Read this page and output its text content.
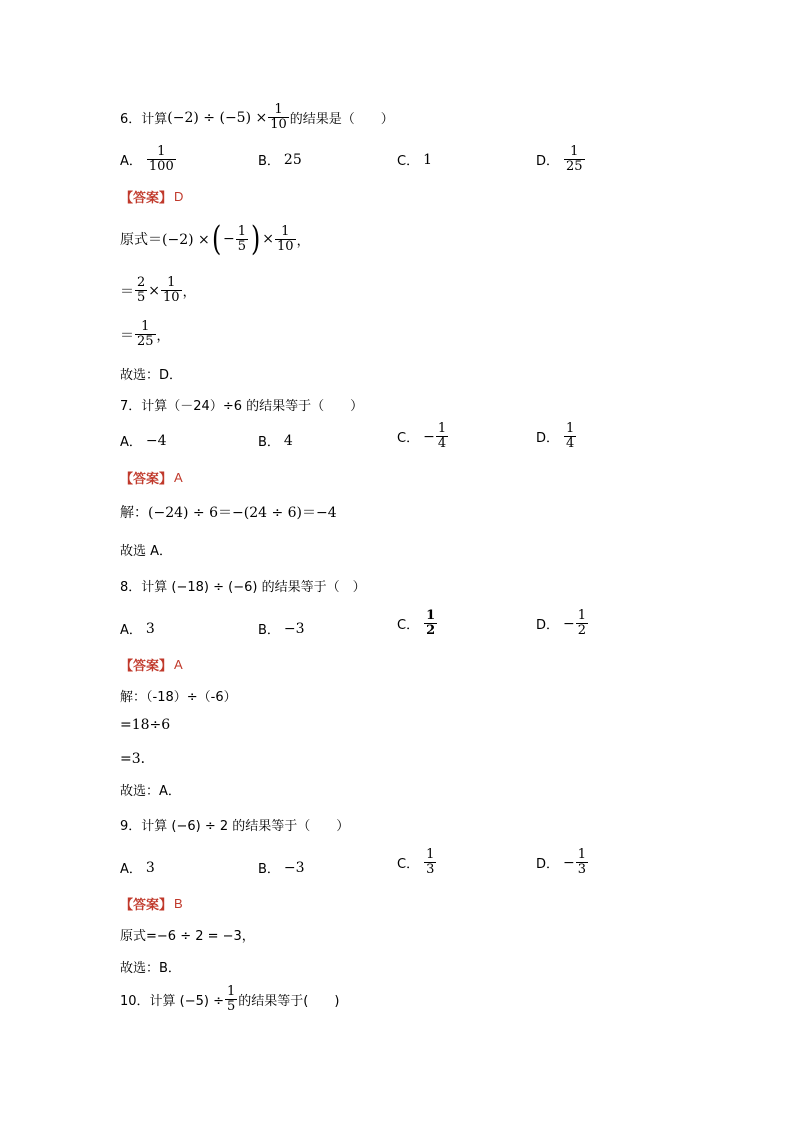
6． 计算 $(-2) \div (-5) \times \frac{1}{10}$ 的结果是（　　）
A． $\frac{1}{100}$	B． 25	C． 1	D． $\frac{1}{25}$
【答案】 D
原式＝(−2) × ( − $\frac{1}{5}$ ) × $\frac{1}{10}$ ，
＝ $\frac{2}{5} \times \frac{1}{10}$ ，
＝ $\frac{1}{25}$ ，
故选：D．
7．计算（－24）÷6 的结果等于（　　）
A． −4	B． 4	C． − $\frac{1}{4}$	D． $\frac{1}{4}$
【答案】 A
解：(−24) ÷ 6＝−(24 ÷ 6)＝−4
故选 A．
8．计算 (−18) ÷ (−6) 的结果等于（　）
A． 3	B． −3	C． $\frac{1}{2}$	D． − $\frac{1}{2}$
【答案】 A
解：（-18）÷（-6）
=18÷6
=3．
故选：A．
9．计算 (−6) ÷ 2 的结果等于（　　）
A． 3	B． −3	C． $\frac{1}{3}$	D． − $\frac{1}{3}$
【答案】 B
原式=−6 ÷ 2 = −3，
故选：B．
10．计算 $(-5) \div \frac{1}{5}$ 的结果等于(　　)
